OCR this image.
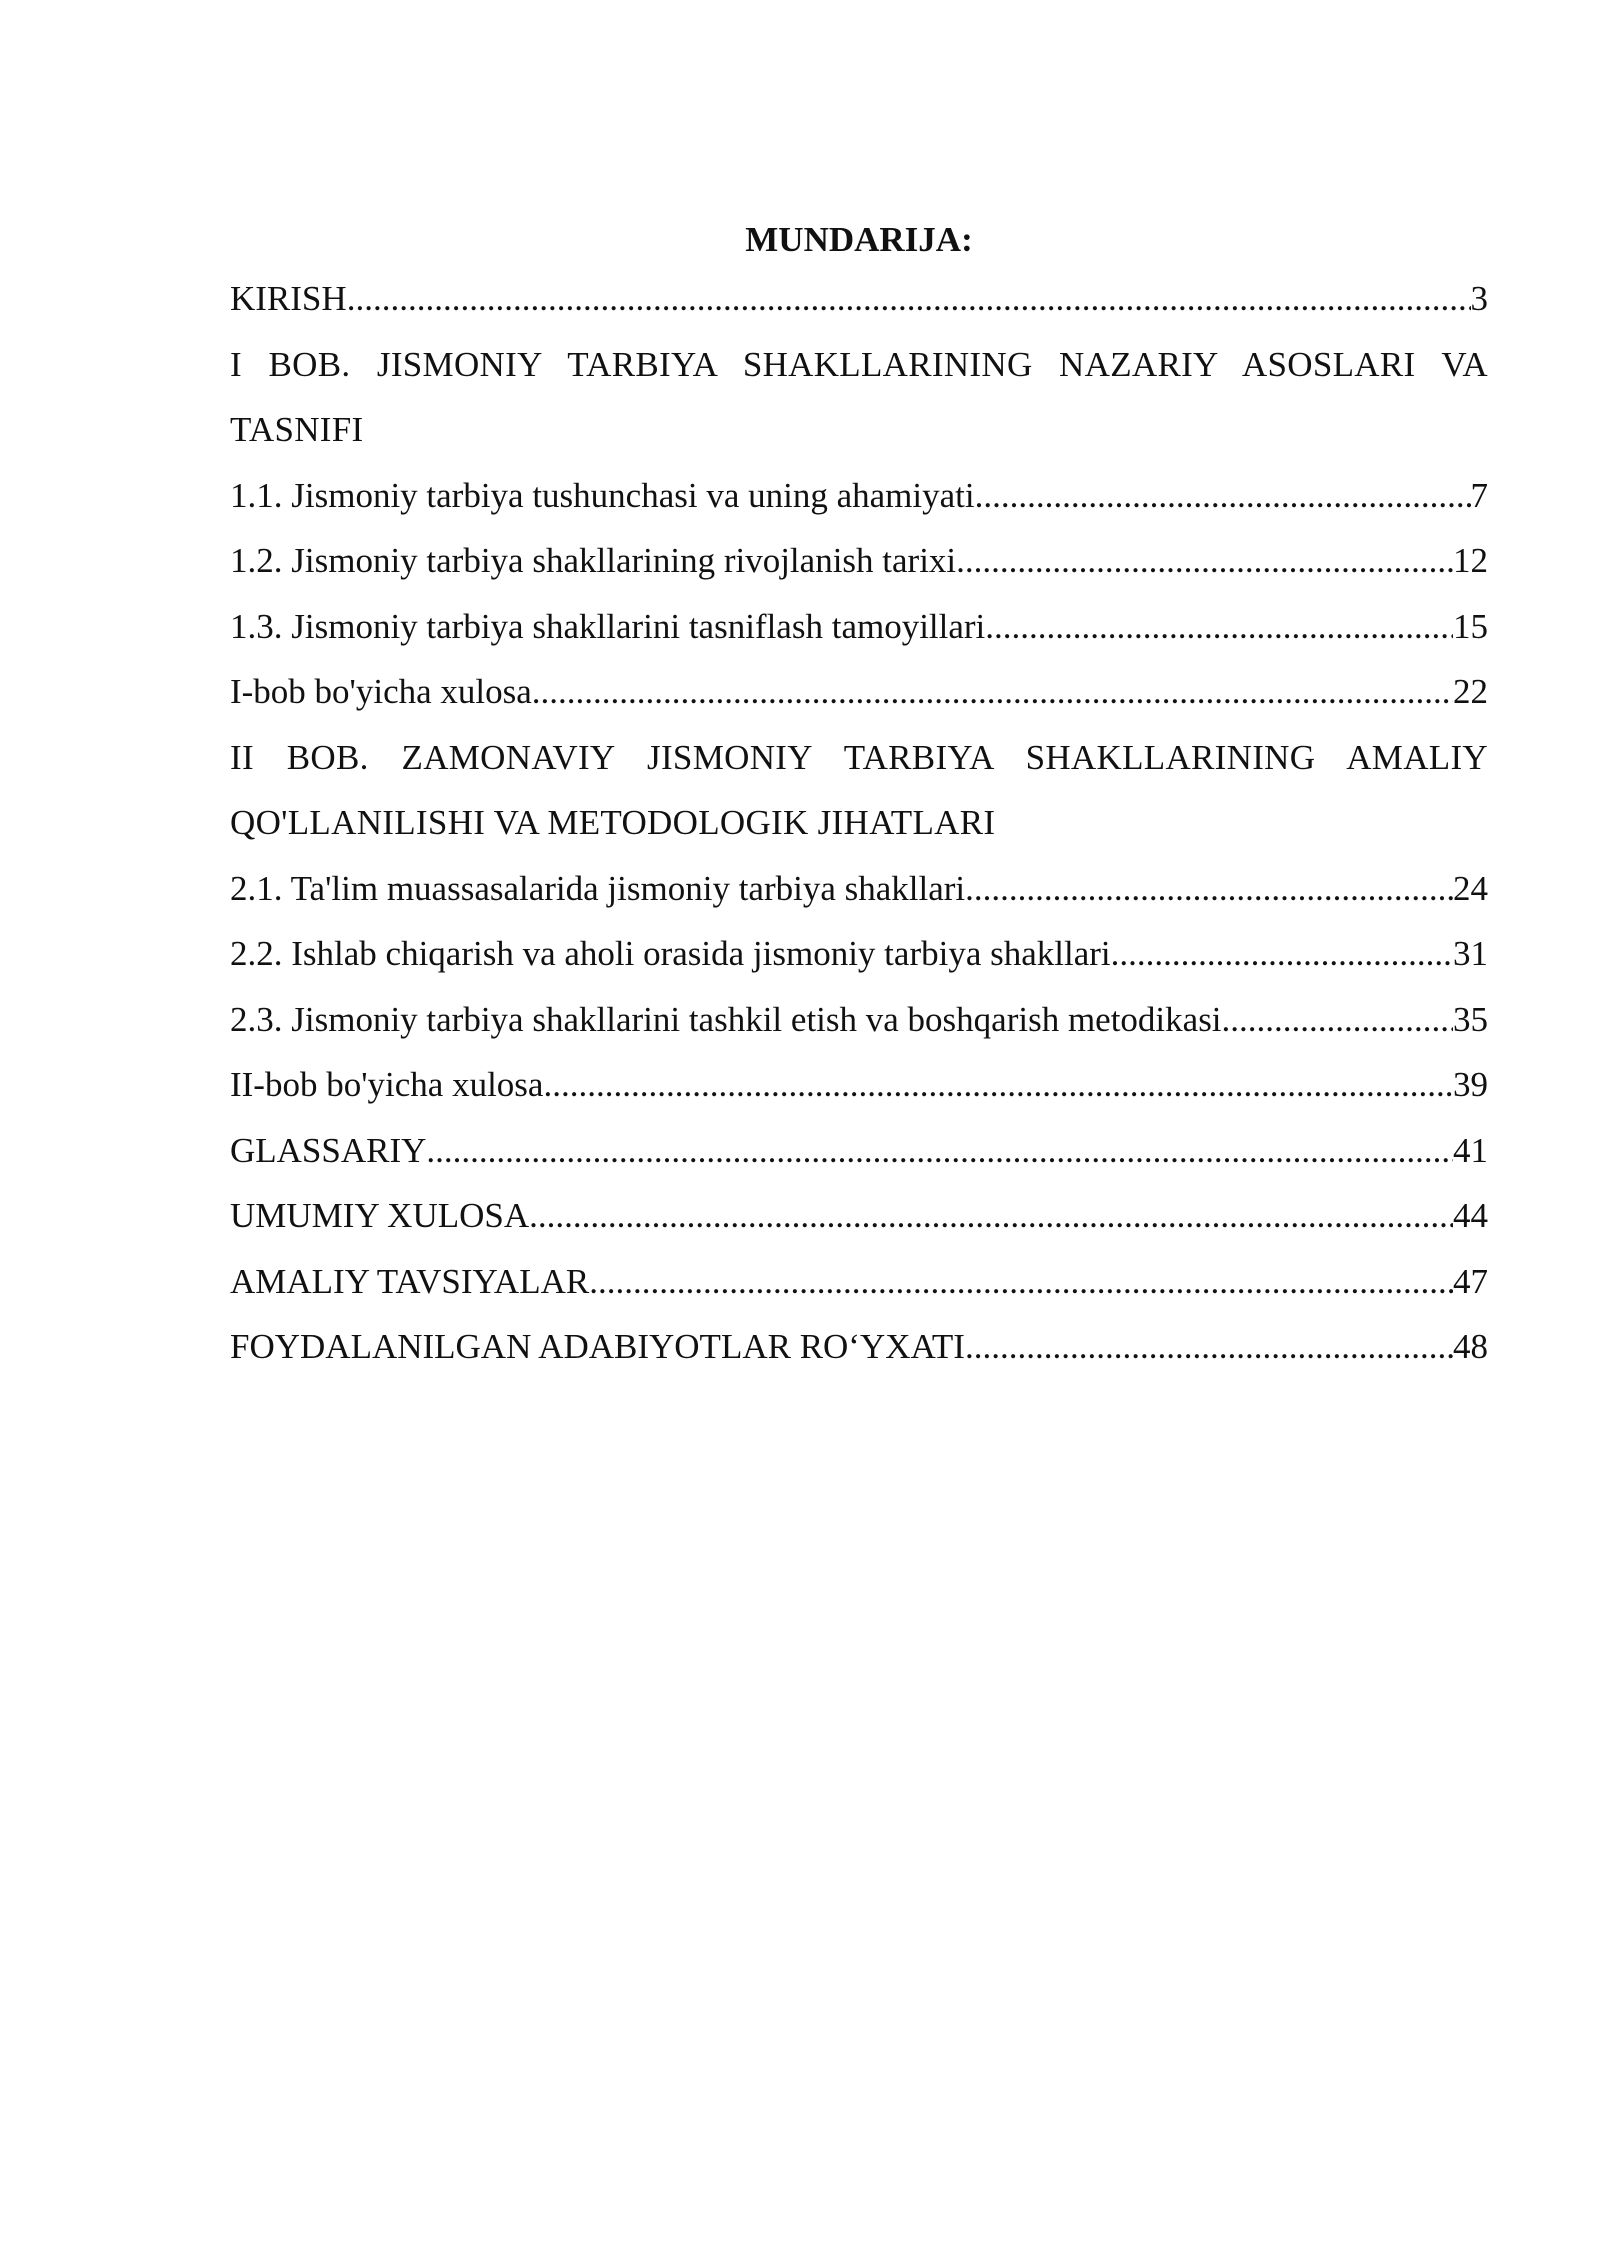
MUNDARIJA:
KIRISH .....	3
I BOB. JISMONIY TARBIYA SHAKLLARINING NAZARIY ASOSLARI VA TASNIFI
1.1. Jismoniy tarbiya tushunchasi va uning ahamiyati .....	7
1.2. Jismoniy tarbiya shakllarining rivojlanish tarixi .....	12
1.3. Jismoniy tarbiya shakllarini tasniflash tamoyillari .....	15
I-bob bo'yicha xulosa .....	22
II BOB. ZAMONAVIY JISMONIY TARBIYA SHAKLLARINING AMALIY QO'LLANILISHI VA METODOLOGIK JIHATLARI
2.1. Ta'lim muassasalarida jismoniy tarbiya shakllari .....	24
2.2. Ishlab chiqarish va aholi orasida jismoniy tarbiya shakllari .....	31
2.3. Jismoniy tarbiya shakllarini tashkil etish va boshqarish metodikasi .....	35
II-bob bo'yicha xulosa .....	39
GLASSARIY .....	41
UMUMIY XULOSA .....	44
AMALIY TAVSIYALAR .....	47
FOYDALANILGAN ADABIYOTLAR RO‘YXATI .....	48
